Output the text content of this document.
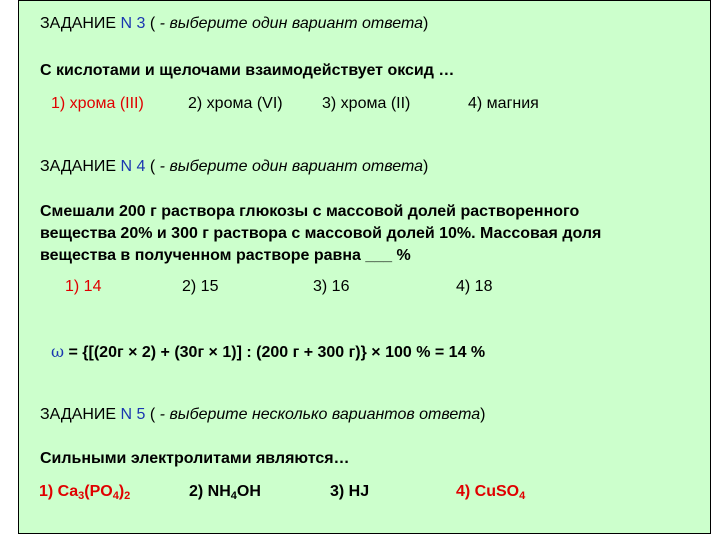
ЗАДАНИЕ N 3 ( - выберите один вариант ответа)
С кислотами и щелочами взаимодействует оксид …
1) хрома (III)	2) хрома (VI) 3) хрома (II)	4) магния
ЗАДАНИЕ N 4 ( - выберите один вариант ответа)
Смешали 200 г раствора глюкозы с массовой долей растворенного
вещества 20% и 300 г раствора с массовой долей 10%. Массовая доля
вещества в полученном растворе равна ___ %
1) 14	2) 15	3) 16	4) 18
ω = {[(20г × 2) + (30г × 1)] : (200 г + 300 г)} × 100 % = 14 %
ЗАДАНИЕ N 5 ( - выберите несколько вариантов ответа)
Сильными электролитами являются…
1) $Ca_3(PO_4)_2$	2) $NH_4OH$	3) HJ	4) CuSO$_4$
